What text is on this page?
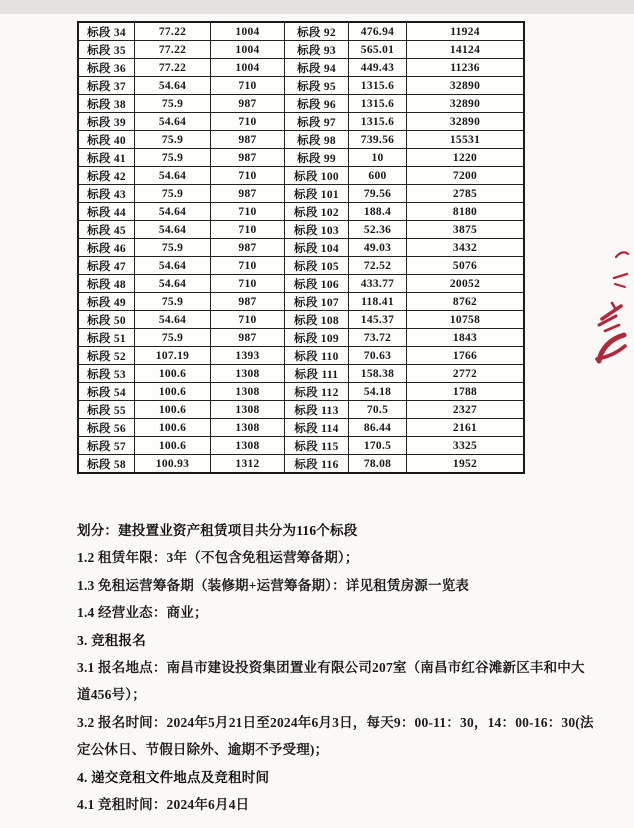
标段 34	77.22	1004	标段 92	476.94	11924
标段 35	77.22	1004	标段 93	565.01	14124
标段 36	77.22	1004	标段 94	449.43	11236
标段 37	54.64	710	标段 95	1315.6	32890
标段 38	75.9	987	标段 96	1315.6	32890
标段 39	54.64	710	标段 97	1315.6	32890
标段 40	75.9	987	标段 98	739.56	15531
标段 41	75.9	987	标段 99	10	1220
标段 42	54.64	710	标段 100	600	7200
标段 43	75.9	987	标段 101	79.56	2785
标段 44	54.64	710	标段 102	188.4	8180
标段 45	54.64	710	标段 103	52.36	3875
标段 46	75.9	987	标段 104	49.03	3432
标段 47	54.64	710	标段 105	72.52	5076
标段 48	54.64	710	标段 106	433.77	20052
标段 49	75.9	987	标段 107	118.41	8762
标段 50	54.64	710	标段 108	145.37	10758
标段 51	75.9	987	标段 109	73.72	1843
标段 52	107.19	1393	标段 110	70.63	1766
标段 53	100.6	1308	标段 111	158.38	2772
标段 54	100.6	1308	标段 112	54.18	1788
标段 55	100.6	1308	标段 113	70.5	2327
标段 56	100.6	1308	标段 114	86.44	2161
标段 57	100.6	1308	标段 115	170.5	3325
标段 58	100.93	1312	标段 116	78.08	1952
划分：建投置业资产租赁项目共分为116个标段
1.2 租赁年限：3年（不包含免租运营筹备期）；
1.3 免租运营筹备期（装修期+运营筹备期）：详见租赁房源一览表
1.4 经营业态：商业；
3. 竞租报名
3.1 报名地点：南昌市建设投资集团置业有限公司207室（南昌市红谷滩新区丰和中大
道456号）；
3.2 报名时间：2024年5月21日至2024年6月3日，每天9：00-11：30，14：00-16：30(法
定公休日、节假日除外、逾期不予受理)；
4. 递交竞租文件地点及竞租时间
4.1 竞租时间：2024年6月4日
